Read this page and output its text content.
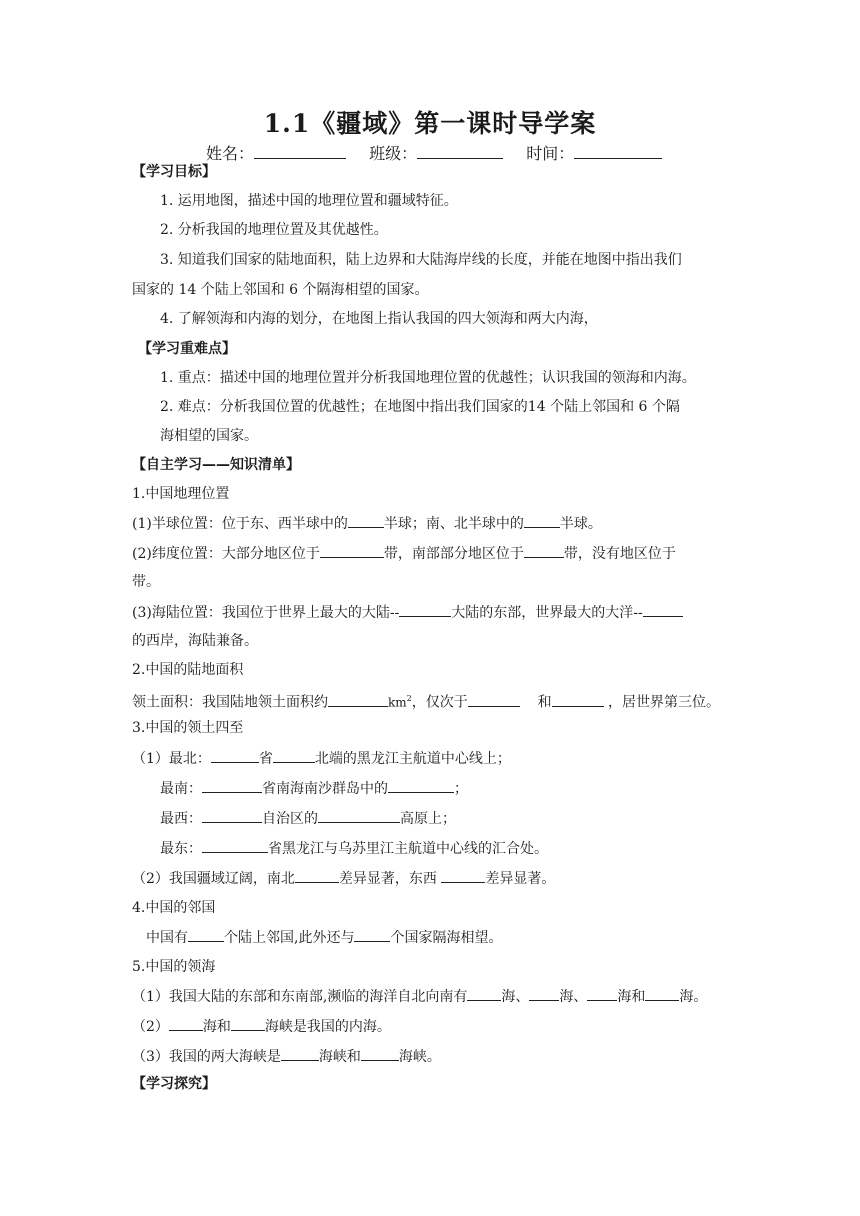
1.1《疆域》第一课时导学案
姓名：	班级：	时间：
【学习目标】
1. 运用地图，描述中国的地理位置和疆域特征。
2. 分析我国的地理位置及其优越性。
3. 知道我们国家的陆地面积，陆上边界和大陆海岸线的长度，并能在地图中指出我们
国家的 14 个陆上邻国和 6 个隔海相望的国家。
4. 了解领海和内海的划分，在地图上指认我国的四大领海和两大内海，
【学习重难点】
1. 重点：描述中国的地理位置并分析我国地理位置的优越性；认识我国的领海和内海。
2. 难点：分析我国位置的优越性；在地图中指出我们国家的14 个陆上邻国和 6 个隔
海相望的国家。
【自主学习——知识清单】
1.中国地理位置
(1)半球位置：位于东、西半球中的	半球；南、北半球中的	半球。
(2)纬度位置：大部分地区位于	带，南部部分地区位于	带，没有地区位于
带。
(3)海陆位置：我国位于世界上最大的大陆--	大陆的东部，世界最大的大洋--
的西岸，海陆兼备。
2.中国的陆地面积
领土面积：我国陆地领土面积约	$km^2$，仅次于	和	，居世界第三位。
3.中国的领土四至
（1）最北：	省	北端的黑龙江主航道中心线上；
最南：	省南海南沙群岛中的	；
最西：	自治区的	高原上；
最东：	省黑龙江与乌苏里江主航道中心线的汇合处。
（2）我国疆域辽阔，南北	差异显著，东西	差异显著。
4.中国的邻国
中国有	个陆上邻国,此外还与	个国家隔海相望。
5.中国的领海
（1）我国大陆的东部和东南部,濒临的海洋自北向南有 海、 海、 海和 海。
（2） 海和 海峡是我国的内海。
（3）我国的两大海峡是	海峡和	海峡。
【学习探究】
